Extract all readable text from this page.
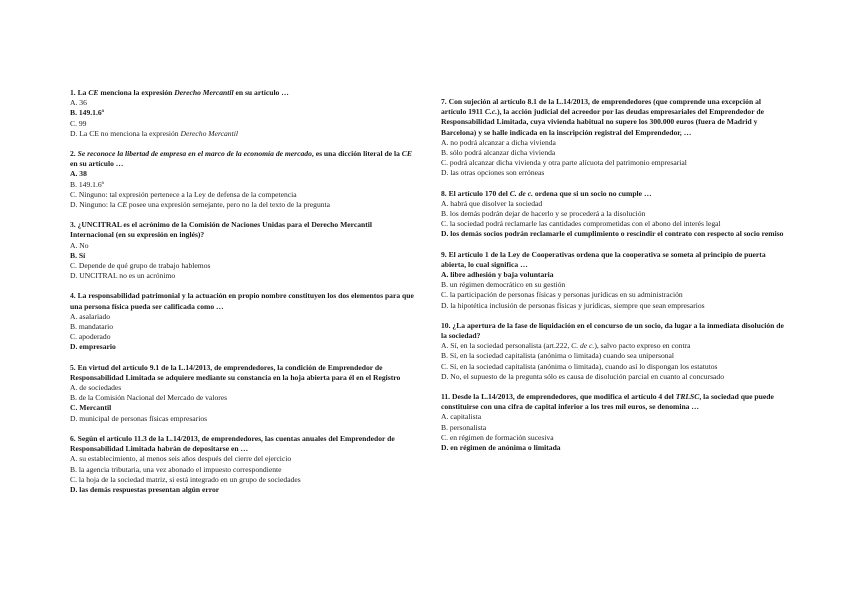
1. La CE menciona la expresión Derecho Mercantil en su artículo …
A. 36
B. 149.1.6ª
C. 99
D. La CE no menciona la expresión Derecho Mercantil
2. Se reconoce la libertad de empresa en el marco de la economía de mercado, es una dicción literal de la CE en su artículo …
A. 38
B. 149.1.6ª
C. Ninguno: tal expresión pertenece a la Ley de defensa de la competencia
D. Ninguno: la CE posee una expresión semejante, pero no la del texto de la pregunta
3. ¿UNCITRAL es el acrónimo de la Comisión de Naciones Unidas para el Derecho Mercantil Internacional (en su expresión en inglés)?
A. No
B. Sí
C. Depende de qué grupo de trabajo hablemos
D. UNCITRAL no es un acrónimo
4. La responsabilidad patrimonial y la actuación en propio nombre constituyen los dos elementos para que una persona física pueda ser calificada como …
A. asalariado
B. mandatario
C. apoderado
D. empresario
5. En virtud del artículo 9.1 de la L.14/2013, de emprendedores, la condición de Emprendedor de Responsabilidad Limitada se adquiere mediante su constancia en la hoja abierta para él en el Registro
A. de sociedades
B. de la Comisión Nacional del Mercado de valores
C. Mercantil
D. municipal de personas físicas empresarios
6. Según el artículo 11.3 de la L.14/2013, de emprendedores, las cuentas anuales del Emprendedor de Responsabilidad Limitada habrán de depositarse en …
A. su establecimiento, al menos seis años después del cierre del ejercicio
B. la agencia tributaria, una vez abonado el impuesto correspondiente
C. la hoja de la sociedad matriz, si está integrado en un grupo de sociedades
D. las demás respuestas presentan algún error
7. Con sujeción al artículo 8.1 de la L.14/2013, de emprendedores (que comprende una excepción al artículo 1911 C.c.), la acción judicial del acreedor por las deudas empresariales del Emprendedor de Responsabilidad Limitada, cuya vivienda habitual no supere los 300.000 euros (fuera de Madrid y Barcelona) y se halle indicada en la inscripción registral del Emprendedor, …
A. no podrá alcanzar a dicha vivienda
B. sólo podrá alcanzar dicha vivienda
C. podrá alcanzar dicha vivienda y otra parte alícuota del patrimonio empresarial
D. las otras opciones son erróneas
8. El artículo 170 del C. de c. ordena que si un socio no cumple …
A. habrá que disolver la sociedad
B. los demás podrán dejar de hacerlo y se procederá a la disolución
C. la sociedad podrá reclamarle las cantidades comprometidas con el abono del interés legal
D. los demás socios podrán reclamarle el cumplimiento o rescindir el contrato con respecto al socio remiso
9. El artículo 1 de la Ley de Cooperativas ordena que la cooperativa se someta al principio de puerta abierta, lo cual significa …
A. libre adhesión y baja voluntaria
B. un régimen democrático en su gestión
C. la participación de personas físicas y personas jurídicas en su administración
D. la hipotética inclusión de personas físicas y jurídicas, siempre que sean empresarios
10. ¿La apertura de la fase de liquidación en el concurso de un socio, da lugar a la inmediata disolución de la sociedad?
A. Sí, en la sociedad personalista (art.222, C. de c.), salvo pacto expreso en contra
B. Sí, en la sociedad capitalista (anónima o limitada) cuando sea unipersonal
C. Sí, en la sociedad capitalista (anónima o limitada), cuando así lo dispongan los estatutos
D. No, el supuesto de la pregunta sólo es causa de disolución parcial en cuanto al concursado
11. Desde la L.14/2013, de emprendedores, que modifica el artículo 4 del TRLSC, la sociedad que puede constituirse con una cifra de capital inferior a los tres mil euros, se denomina …
A. capitalista
B. personalista
C. en régimen de formación sucesiva
D. en régimen de anónima o limitada
